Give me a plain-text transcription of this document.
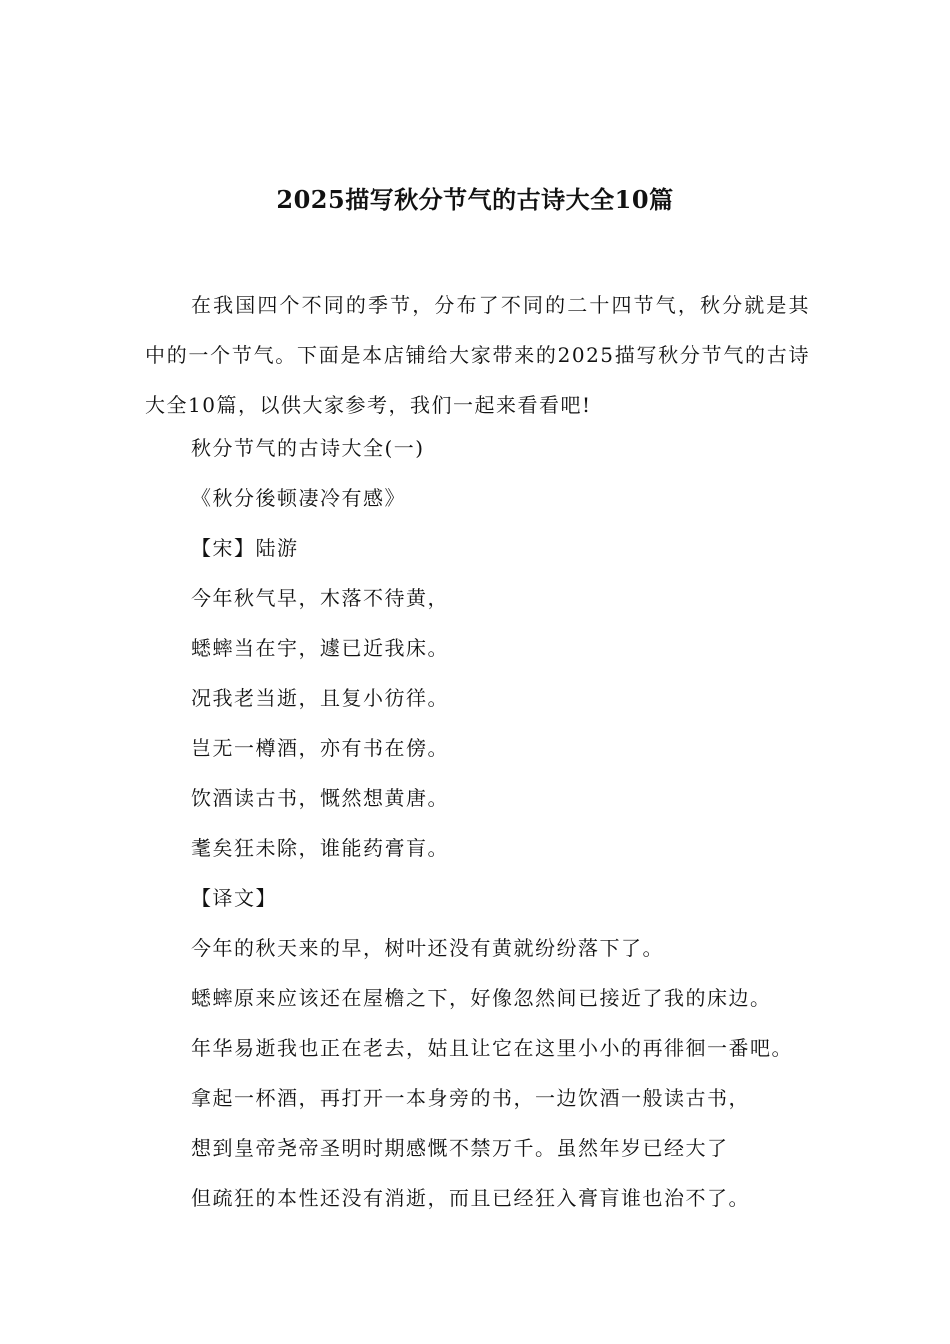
2025描写秋分节气的古诗大全10篇

在我国四个不同的季节，分布了不同的二十四节气，秋分就是其中的一个节气。下面是本店铺给大家带来的2025描写秋分节气的古诗大全10篇，以供大家参考，我们一起来看看吧!

秋分节气的古诗大全(一)
《秋分後顿凄冷有感》
【宋】陆游
今年秋气早，木落不待黄，
蟋蟀当在宇，遽已近我床。
况我老当逝，且复小彷徉。
岂无一樽酒，亦有书在傍。
饮酒读古书，慨然想黄唐。
耄矣狂未除，谁能药膏肓。
【译文】
今年的秋天来的早，树叶还没有黄就纷纷落下了。
蟋蟀原来应该还在屋檐之下，好像忽然间已接近了我的床边。
年华易逝我也正在老去，姑且让它在这里小小的再徘徊一番吧。
拿起一杯酒，再打开一本身旁的书，一边饮酒一般读古书，
想到皇帝尧帝圣明时期感慨不禁万千。虽然年岁已经大了
但疏狂的本性还没有消逝，而且已经狂入膏肓谁也治不了。
